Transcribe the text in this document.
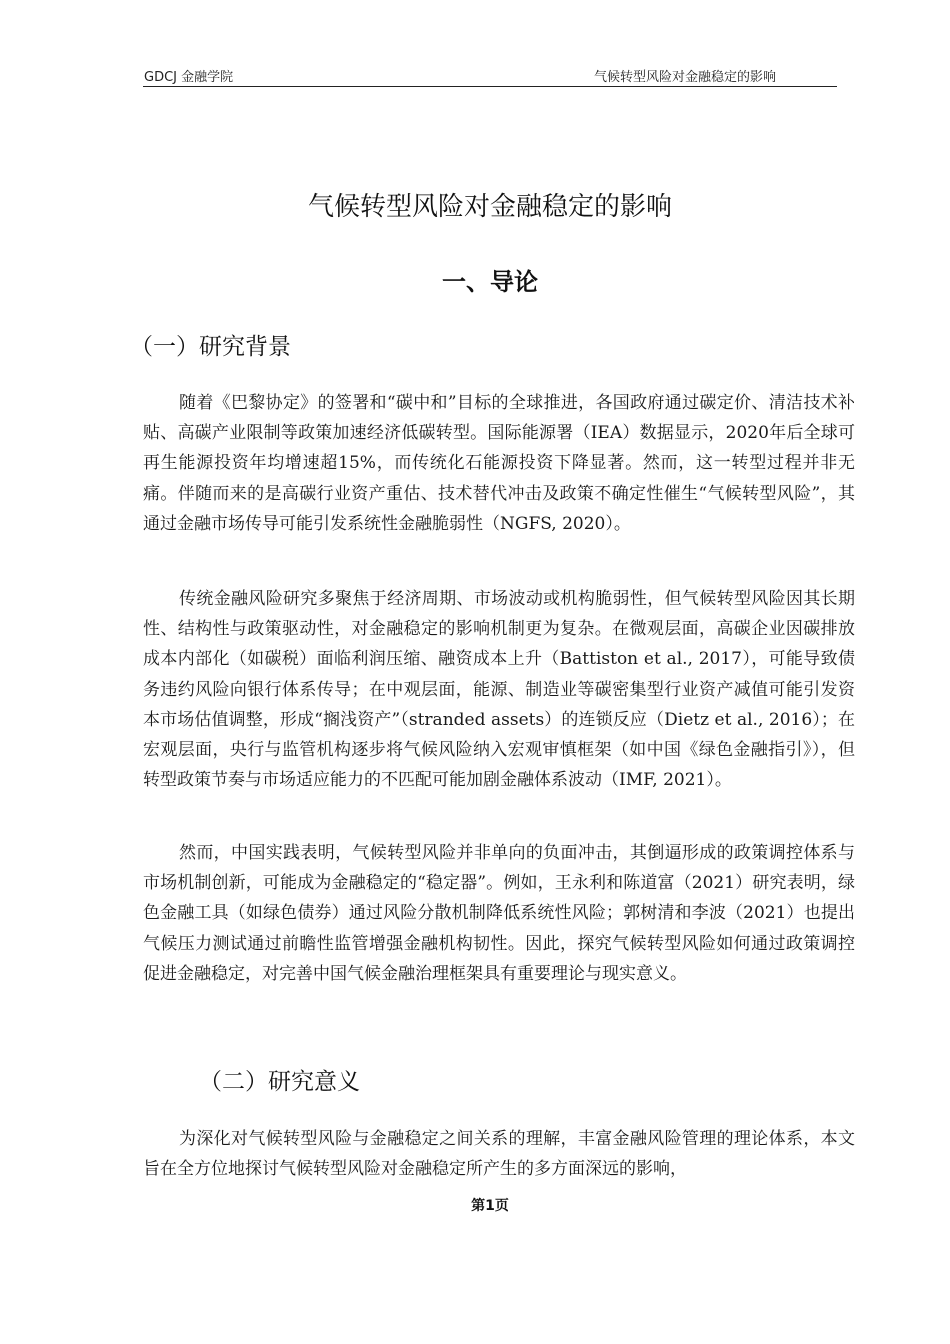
GDCJ 金融学院	气候转型风险对金融稳定的影响
气候转型风险对金融稳定的影响
一、导论
（一）研究背景

随着《巴黎协定》的签署和“碳中和”目标的全球推进，各国政府通过碳定价、清洁技术补贴、高碳产业限制等政策加速经济低碳转型。国际能源署（IEA）数据显示，2020年后全球可再生能源投资年均增速超15%，而传统化石能源投资下降显著。然而，这一转型过程并非无痛。伴随而来的是高碳行业资产重估、技术替代冲击及政策不确定性催生“气候转型风险”，其通过金融市场传导可能引发系统性金融脆弱性（NGFS, 2020）。

传统金融风险研究多聚焦于经济周期、市场波动或机构脆弱性，但气候转型风险因其长期性、结构性与政策驱动性，对金融稳定的影响机制更为复杂。在微观层面，高碳企业因碳排放成本内部化（如碳税）面临利润压缩、融资成本上升（Battiston et al., 2017），可能导致债务违约风险向银行体系传导；在中观层面，能源、制造业等碳密集型行业资产减值可能引发资本市场估值调整，形成“搁浅资产”（stranded assets）的连锁反应（Dietz et al., 2016）；在宏观层面，央行与监管机构逐步将气候风险纳入宏观审慎框架（如中国《绿色金融指引》），但转型政策节奏与市场适应能力的不匹配可能加剧金融体系波动（IMF, 2021）。

然而，中国实践表明，气候转型风险并非单向的负面冲击，其倒逼形成的政策调控体系与市场机制创新，可能成为金融稳定的“稳定器”。例如，王永利和陈道富（2021）研究表明，绿色金融工具（如绿色债券）通过风险分散机制降低系统性风险；郭树清和李波（2021）也提出气候压力测试通过前瞻性监管增强金融机构韧性。因此，探究气候转型风险如何通过政策调控促进金融稳定，对完善中国气候金融治理框架具有重要理论与现实意义。

（二）研究意义

为深化对气候转型风险与金融稳定之间关系的理解，丰富金融风险管理的理论体系，本文旨在全方位地探讨气候转型风险对金融稳定所产生的多方面深远的影响，

第1页
